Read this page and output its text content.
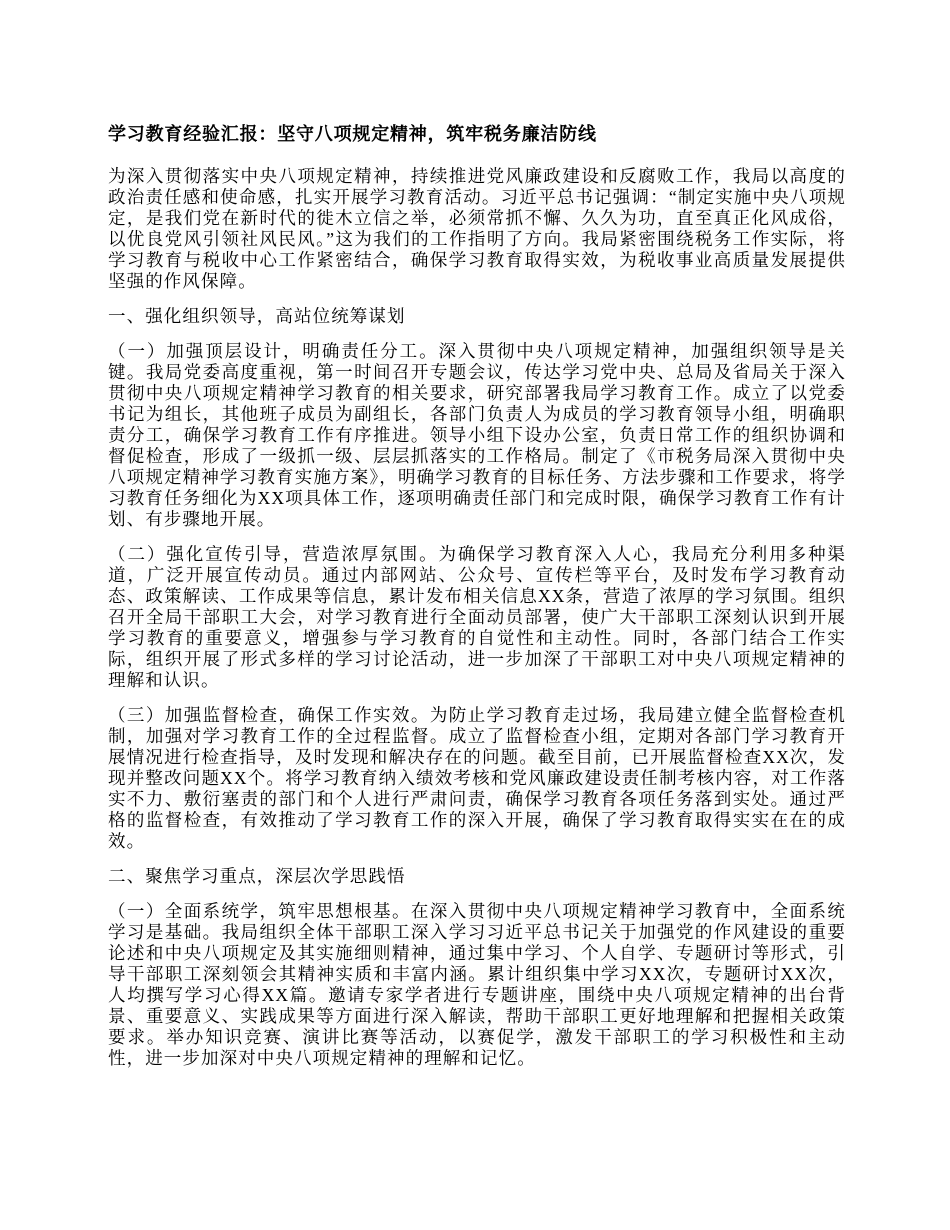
学习教育经验汇报：坚守八项规定精神，筑牢税务廉洁防线

为深入贯彻落实中央八项规定精神，持续推进党风廉政建设和反腐败工作，我局以高度的政治责任感和使命感，扎实开展学习教育活动。习近平总书记强调：“制定实施中央八项规定，是我们党在新时代的徙木立信之举，必须常抓不懈、久久为功，直至真正化风成俗，以优良党风引领社风民风。”这为我们的工作指明了方向。我局紧密围绕税务工作实际，将学习教育与税收中心工作紧密结合，确保学习教育取得实效，为税收事业高质量发展提供坚强的作风保障。

一、强化组织领导，高站位统筹谋划

（一）加强顶层设计，明确责任分工。深入贯彻中央八项规定精神，加强组织领导是关键。我局党委高度重视，第一时间召开专题会议，传达学习党中央、总局及省局关于深入贯彻中央八项规定精神学习教育的相关要求，研究部署我局学习教育工作。成立了以党委书记为组长，其他班子成员为副组长，各部门负责人为成员的学习教育领导小组，明确职责分工，确保学习教育工作有序推进。领导小组下设办公室，负责日常工作的组织协调和督促检查，形成了一级抓一级、层层抓落实的工作格局。制定了《市税务局深入贯彻中央八项规定精神学习教育实施方案》，明确学习教育的目标任务、方法步骤和工作要求，将学习教育任务细化为XX项具体工作，逐项明确责任部门和完成时限，确保学习教育工作有计划、有步骤地开展。

（二）强化宣传引导，营造浓厚氛围。为确保学习教育深入人心，我局充分利用多种渠道，广泛开展宣传动员。通过内部网站、公众号、宣传栏等平台，及时发布学习教育动态、政策解读、工作成果等信息，累计发布相关信息XX条，营造了浓厚的学习氛围。组织召开全局干部职工大会，对学习教育进行全面动员部署，使广大干部职工深刻认识到开展学习教育的重要意义，增强参与学习教育的自觉性和主动性。同时，各部门结合工作实际，组织开展了形式多样的学习讨论活动，进一步加深了干部职工对中央八项规定精神的理解和认识。

（三）加强监督检查，确保工作实效。为防止学习教育走过场，我局建立健全监督检查机制，加强对学习教育工作的全过程监督。成立了监督检查小组，定期对各部门学习教育开展情况进行检查指导，及时发现和解决存在的问题。截至目前，已开展监督检查XX次，发现并整改问题XX个。将学习教育纳入绩效考核和党风廉政建设责任制考核内容，对工作落实不力、敷衍塞责的部门和个人进行严肃问责，确保学习教育各项任务落到实处。通过严格的监督检查，有效推动了学习教育工作的深入开展，确保了学习教育取得实实在在的成效。

二、聚焦学习重点，深层次学思践悟

（一）全面系统学，筑牢思想根基。在深入贯彻中央八项规定精神学习教育中，全面系统学习是基础。我局组织全体干部职工深入学习习近平总书记关于加强党的作风建设的重要论述和中央八项规定及其实施细则精神，通过集中学习、个人自学、专题研讨等形式，引导干部职工深刻领会其精神实质和丰富内涵。累计组织集中学习XX次，专题研讨XX次，人均撰写学习心得XX篇。邀请专家学者进行专题讲座，围绕中央八项规定精神的出台背景、重要意义、实践成果等方面进行深入解读，帮助干部职工更好地理解和把握相关政策要求。举办知识竞赛、演讲比赛等活动，以赛促学，激发干部职工的学习积极性和主动性，进一步加深对中央八项规定精神的理解和记忆。
